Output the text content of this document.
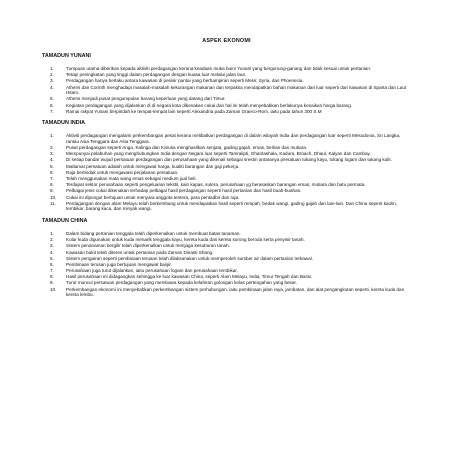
ASPEK EKONOMI
TAMADUN YUNANI
1.	Tumpuan utama diberikan kepada aktiviti perdagangan kerana keadaan muka bumi Yunani yang bergunung-ganang dan tidak sesuai untuk pertanian.
2.	Tetapi peningkatan yang tinggi dalam perdagangan dengan kuasa luar melalui jalan laut.
3.	Perdagangan hanya berlaku antara kawasan di pesisir pantai yang berhampiran seperti Mesir, Syria, dan Phoenecia.
4.	Athens dan Corinth menghadapi masalah-masalah kekurangan makanan dan terpaksa mendapatkan bahan makanan dari luar seperti dari kawasan di Sparta dan Laut Hitam.
5.	Athens menjadi pusat pengumpulan barang keperluan yang datang dari Timur.
6.	Kegiatan perdagangan yang dijalankan di di negara kota dikenakan cukai dan hal ini telah menyebabkan berlakunya kenaikan harga barang.
7.	Ramai rakyat Yunani berpindah ke tempat-tempat lain seperti Alexandria pada Zaman Graeco-Rom, iaitu pada tahun 300 S.M
TAMADUN INDIA
1.	Aktiviti perdagangan mengalami perkembangan pesat kerana melibatkan perdagangan di dalam wilayah India dan perdagangan luar seperti Mesodonia, Sri Langka, rantau Asia Tenggara dan Asia Tenggara.
2.	Pusat perdagangan seperti Anga, Kalinga dan Karusa menghasilkan senjata, gading gajah, emas, berlian dan mutiara.
3.	Mempunyai pelabuhan yang menghubungkan India dengan Negara luar seperti Tamralipti, Ghantashala, Kadura, Broach, Dhaul, Kalyan dan Cambay.
4.	Di setiap bandar wujud persatuan perdagangan dan perusahaan yang dikenali sebagai srestin antaranya persatuan tukang kayu, tukang logam dan tukang kulit.
5.	Matlamat persatuan adalah untuk mengawal harga, kualiti barangan dan gaji pekerja.
6.	Raja bertindak untuk mengawasi perjalanan persatuan.
7.	Telah menggunakan mata wang emas sebagai medium jual beli.
8.	Terdapat sektor perusahaan seperti pengeluaran tekstil, kain kapas, sutera, perusahaan yg berasaskan barangan emas, mutiara dan batu permata.
9.	Pelbagai jenis cukai dikenakan terhadap pelbagai hasil perdagangan seperti hasil pertanian dan hasil buah-buahan.
10.	Cukai ini dipungut bertujuan untuk menyara anggota tentera, para pentadbir dan raja.
11.	Perdagangan dengan alam Melayu telah berkembang untuk mendapatkan hasil seperti rempah, bedak wangi, gading gajah dan lain-lain. Dan China seperti kaolin, tembikar, barang kaca, dan minyak wangi.
TAMADUN CHINA
1.	Dalam bidang pertanian tenggala telah diperkenalkan untuk membuat batas tanaman.
2.	Kolar kuda digunakan untuk kuda menarik tenggala kayu, kereta kuda dan kereta sorong beroda serta penyisir tanah.
3.	Sistem penanaman bergilir telah diperkenalkan untuk menjaga kesuburan tanah.
4.	Kawasan bukit telah diteres untuk pertanian pada Zaman Dinasti Shang.
5.	Sistem pengairan seperti pembinaan terusan telah dilaksanakan untuk memperoleh sumber air dalam pertanian terkawal.
6.	Pembinaan terusan juga bertujuan mengawal banjir.
7.	Perusahaan juga turut dijalankan, iaitu perusahaan logam dan perusahaan tembikar.
8.	Hasil perusahaan ini didagangkan sehingga ke luar kawasan China, seperti Alam Melayu, India, Timur Tengah dan Barat.
9.	Turut muncul persatuan perdagangan yang membawa kepada kelahiran golongan kelas pertengahan yang besar.
10.	Perkembangan ekonomi ini menyebabkan perkembangan sistem perhubungan, iaitu pembinaan jalan raya, jambatan, dan alat pengangkutan seperti, kereta kuda dan kereta lembu.
